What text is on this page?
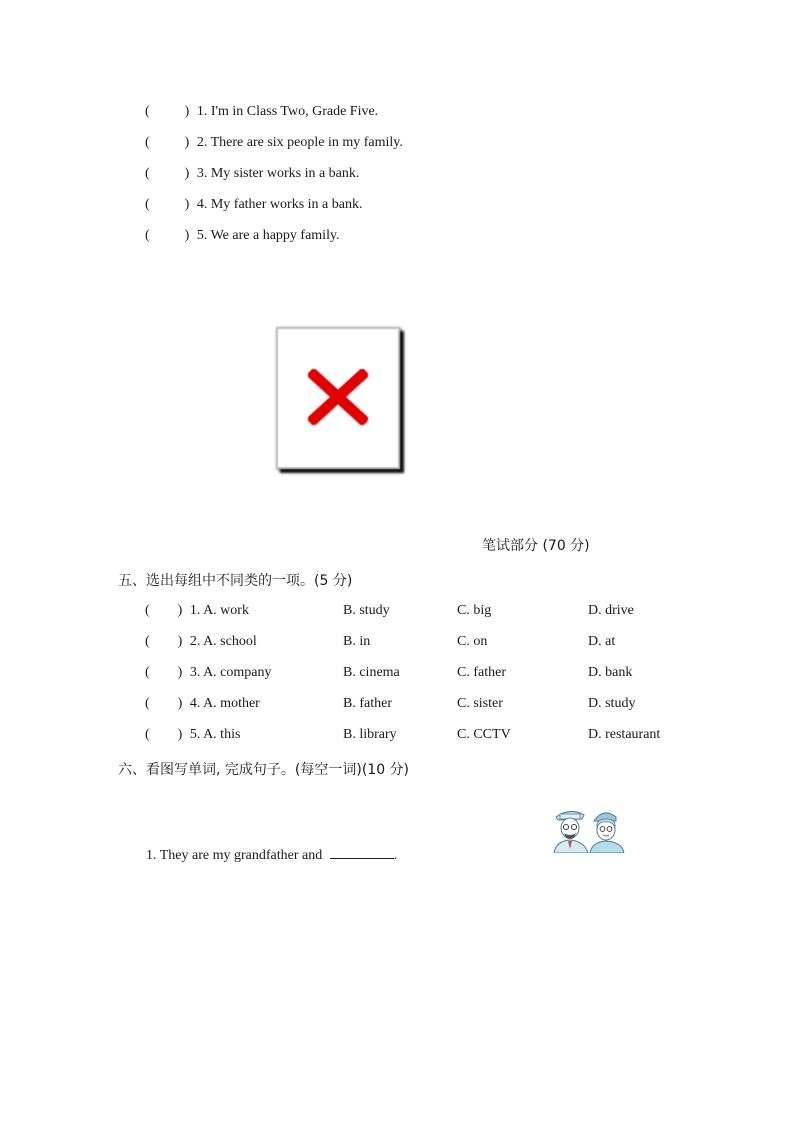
(	) 1. I'm in Class Two, Grade Five.
(	) 2. There are six people in my family.
(	) 3. My sister works in a bank.
(	) 4. My father works in a bank.
(	) 5. We are a happy family.
笔试部分 (70 分)
五、选出每组中不同类的一项。(5 分)
( ) 1. A. work	B. study	C. big	D. drive
( ) 2. A. school	B. in	C. on	D. at
( ) 3. A. company	B. cinema	C. father	D. bank
( ) 4. A. mother	B. father	C. sister	D. study
( ) 5. A. this	B. library	C. CCTV	D. restaurant
六、看图写单词, 完成句子。(每空一词)(10 分)
1. They are my grandfather and	.
